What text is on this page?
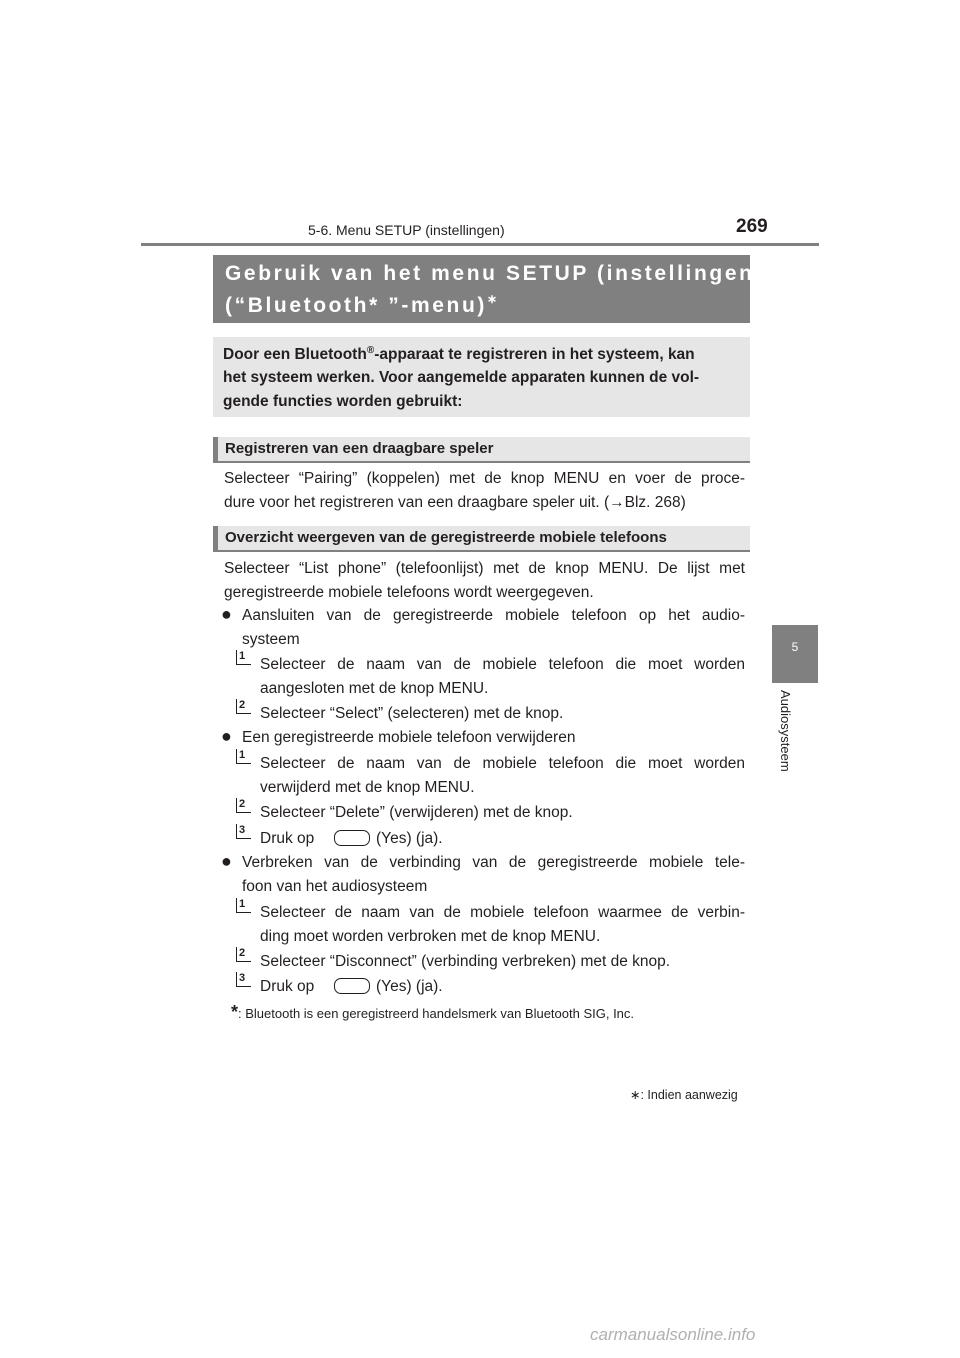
5-6. Menu SETUP (instellingen)	269
5
Audiosysteem
Gebruik van het menu SETUP (instellingen)
(“Bluetooth* ”-menu)∗
Door een Bluetooth®-apparaat te registreren in het systeem, kan
het systeem werken. Voor aangemelde apparaten kunnen de vol-
gende functies worden gebruikt:
Registreren van een draagbare speler
Selecteer “Pairing” (koppelen) met de knop MENU en voer de proce-
dure voor het registreren van een draagbare speler uit. (→Blz. 268)
Overzicht weergeven van de geregistreerde mobiele telefoons
Selecteer “List phone” (telefoonlijst) met de knop MENU. De lijst met
geregistreerde mobiele telefoons wordt weergegeven.
● Aansluiten van de geregistreerde mobiele telefoon op het audio-
systeem
1 Selecteer de naam van de mobiele telefoon die moet worden
aangesloten met de knop MENU.
2 Selecteer “Select” (selecteren) met de knop.
● Een geregistreerde mobiele telefoon verwijderen
1 Selecteer de naam van de mobiele telefoon die moet worden
verwijderd met de knop MENU.
2 Selecteer “Delete” (verwijderen) met de knop.
3 Druk op	(Yes) (ja).
● Verbreken van de verbinding van de geregistreerde mobiele tele-
foon van het audiosysteem
1 Selecteer de naam van de mobiele telefoon waarmee de verbin-
ding moet worden verbroken met de knop MENU.
2 Selecteer “Disconnect” (verbinding verbreken) met de knop.
3 Druk op	(Yes) (ja).
*: Bluetooth is een geregistreerd handelsmerk van Bluetooth SIG, Inc.
∗: Indien aanwezig
carmanualsonline.info
